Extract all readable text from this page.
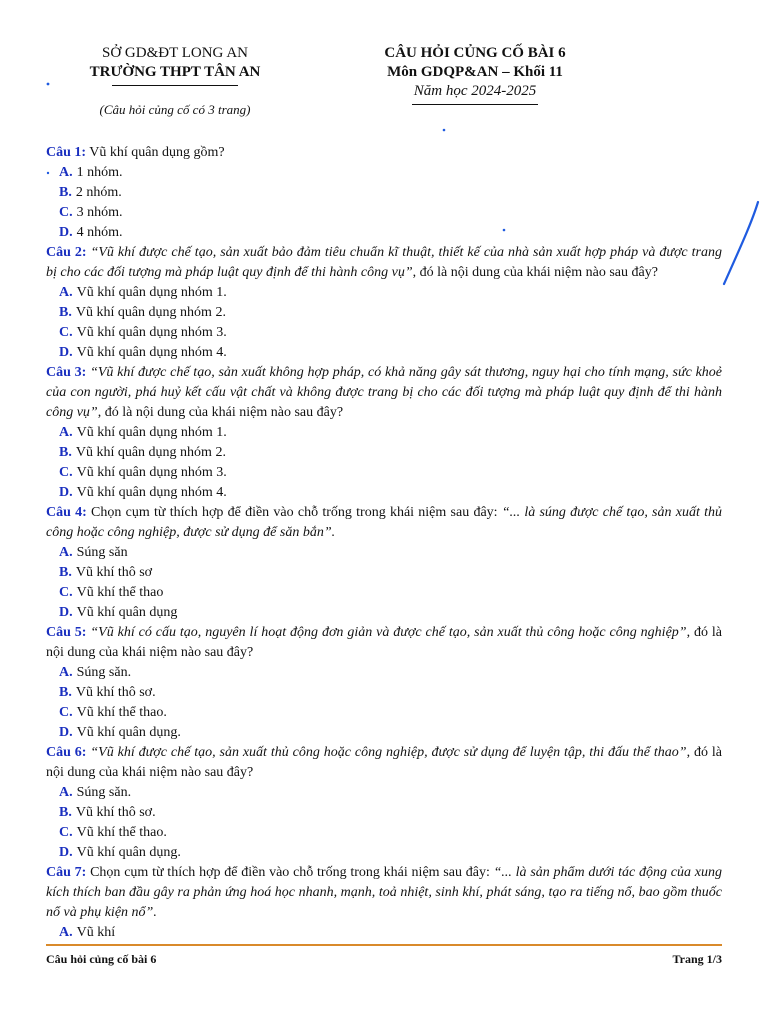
SỞ GD&ĐT LONG AN
TRƯỜNG THPT TÂN AN
(Câu hỏi củng cố có 3 trang)
CÂU HỎI CỦNG CỐ BÀI 6
Môn GDQP&AN – Khối 11
Năm học 2024-2025
Câu 1: Vũ khí quân dụng gồm?
A. 1 nhóm.
B. 2 nhóm.
C. 3 nhóm.
D. 4 nhóm.
Câu 2: “Vũ khí được chế tạo, sản xuất bảo đảm tiêu chuẩn kĩ thuật, thiết kế của nhà sản xuất hợp pháp và được trang bị cho các đối tượng mà pháp luật quy định để thi hành công vụ”, đó là nội dung của khái niệm nào sau đây?
A. Vũ khí quân dụng nhóm 1.
B. Vũ khí quân dụng nhóm 2.
C. Vũ khí quân dụng nhóm 3.
D. Vũ khí quân dụng nhóm 4.
Câu 3: “Vũ khí được chế tạo, sản xuất không hợp pháp, có khả năng gây sát thương, nguy hại cho tính mạng, sức khoẻ của con người, phá huỷ kết cấu vật chất và không được trang bị cho các đối tượng mà pháp luật quy định để thi hành công vụ”, đó là nội dung của khái niệm nào sau đây?
A. Vũ khí quân dụng nhóm 1.
B. Vũ khí quân dụng nhóm 2.
C. Vũ khí quân dụng nhóm 3.
D. Vũ khí quân dụng nhóm 4.
Câu 4: Chọn cụm từ thích hợp để điền vào chỗ trống trong khái niệm sau đây: “... là súng được chế tạo, sản xuất thủ công hoặc công nghiệp, được sử dụng để săn bắn”.
A. Súng săn
B. Vũ khí thô sơ
C. Vũ khí thể thao
D. Vũ khí quân dụng
Câu 5: “Vũ khí có cấu tạo, nguyên lí hoạt động đơn giản và được chế tạo, sản xuất thủ công hoặc công nghiệp”, đó là nội dung của khái niệm nào sau đây?
A. Súng săn.
B. Vũ khí thô sơ.
C. Vũ khí thể thao.
D. Vũ khí quân dụng.
Câu 6: “Vũ khí được chế tạo, sản xuất thủ công hoặc công nghiệp, được sử dụng để luyện tập, thi đấu thể thao”, đó là nội dung của khái niệm nào sau đây?
A. Súng săn.
B. Vũ khí thô sơ.
C. Vũ khí thể thao.
D. Vũ khí quân dụng.
Câu 7: Chọn cụm từ thích hợp để điền vào chỗ trống trong khái niệm sau đây: “... là sản phẩm dưới tác động của xung kích thích ban đầu gây ra phản ứng hoá học nhanh, mạnh, toả nhiệt, sinh khí, phát sáng, tạo ra tiếng nổ, bao gồm thuốc nổ và phụ kiện nổ”.
A. Vũ khí
Câu hỏi củng cố bài 6	Trang 1/3
